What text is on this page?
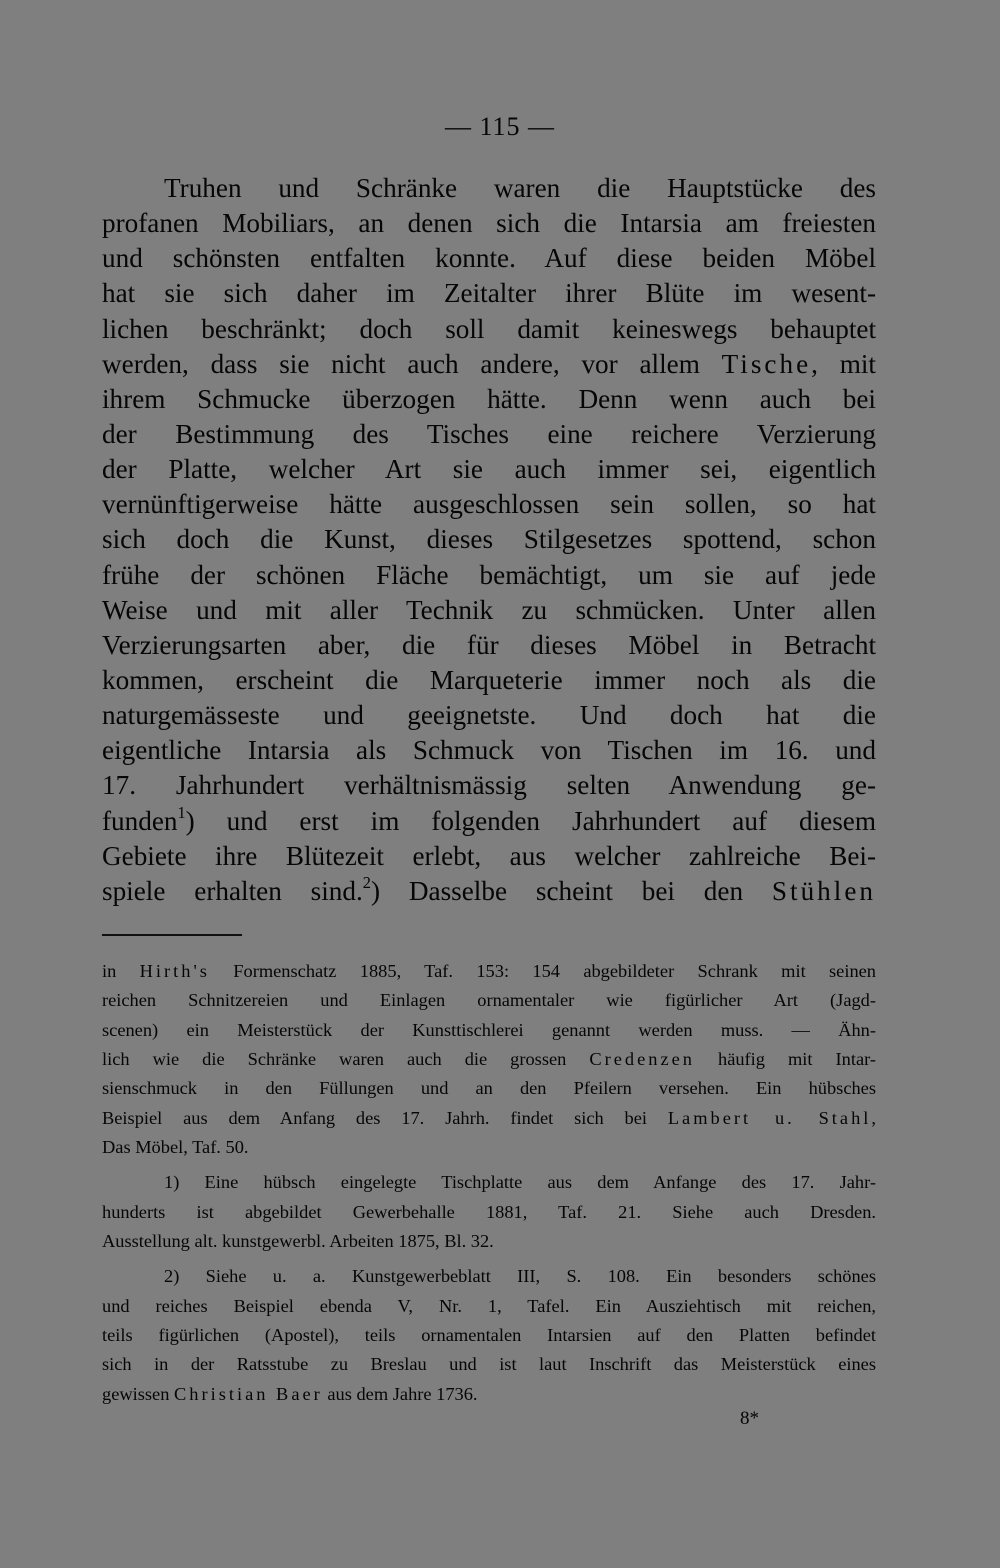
— 115 —
Truhen und Schränke waren die Hauptstücke des
profanen Mobiliars, an denen sich die Intarsia am freiesten
und schönsten entfalten konnte. Auf diese beiden Möbel
hat sie sich daher im Zeitalter ihrer Blüte im wesent-
lichen beschränkt; doch soll damit keineswegs behauptet
werden, dass sie nicht auch andere, vor allem Tische, mit
ihrem Schmucke überzogen hätte. Denn wenn auch bei
der Bestimmung des Tisches eine reichere Verzierung
der Platte, welcher Art sie auch immer sei, eigentlich
vernünftigerweise hätte ausgeschlossen sein sollen, so hat
sich doch die Kunst, dieses Stilgesetzes spottend, schon
frühe der schönen Fläche bemächtigt, um sie auf jede
Weise und mit aller Technik zu schmücken. Unter allen
Verzierungsarten aber, die für dieses Möbel in Betracht
kommen, erscheint die Marqueterie immer noch als die
naturgemässeste und geeignetste. Und doch hat die
eigentliche Intarsia als Schmuck von Tischen im 16. und
17. Jahrhundert verhältnismässig selten Anwendung ge-
funden$^1$) und erst im folgenden Jahrhundert auf diesem
Gebiete ihre Blütezeit erlebt, aus welcher zahlreiche Bei-
spiele erhalten sind.$^2$) Dasselbe scheint bei den Stühlen
in Hirth's Formenschatz 1885, Taf. 153: 154 abgebildeter Schrank mit seinen
reichen Schnitzereien und Einlagen ornamentaler wie figürlicher Art (Jagd-
scenen) ein Meisterstück der Kunsttischlerei genannt werden muss. — Ähn-
lich wie die Schränke waren auch die grossen Credenzen häufig mit Intar-
sienschmuck in den Füllungen und an den Pfeilern versehen. Ein hübsches
Beispiel aus dem Anfang des 17. Jahrh. findet sich bei Lambert u. Stahl,
Das Möbel, Taf. 50.
1) Eine hübsch eingelegte Tischplatte aus dem Anfange des 17. Jahr-
hunderts ist abgebildet Gewerbehalle 1881, Taf. 21. Siehe auch Dresden.
Ausstellung alt. kunstgewerbl. Arbeiten 1875, Bl. 32.
2) Siehe u. a. Kunstgewerbeblatt III, S. 108. Ein besonders schönes
und reiches Beispiel ebenda V, Nr. 1, Tafel. Ein Ausziehtisch mit reichen,
teils figürlichen (Apostel), teils ornamentalen Intarsien auf den Platten befindet
sich in der Ratsstube zu Breslau und ist laut Inschrift das Meisterstück eines
gewissen Christian Baer aus dem Jahre 1736.
8*
